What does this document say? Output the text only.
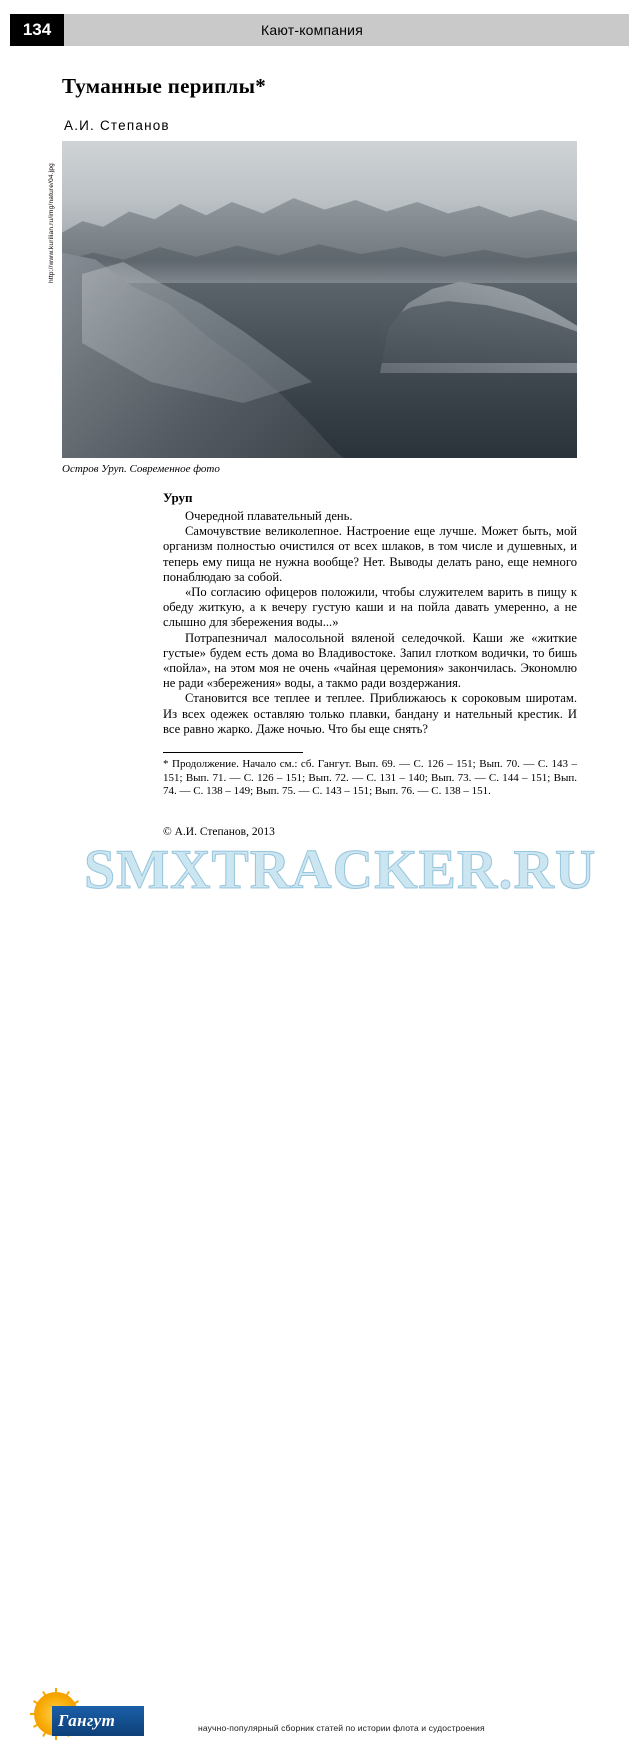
Кают-компания
134
Туманные периплы*
А.И. Степанов
http://www.kurilian.ru/img/nature/04.jpg
Остров Уруп. Современное фото

Уруп

Очередной плавательный день.

Самочувствие великолепное. Настроение еще лучше. Может быть, мой организм полностью очистился от всех шлаков, в том числе и душевных, и теперь ему пища не нужна вообще? Нет. Выводы делать рано, еще немного понаблюдаю за собой.

«По согласию офицеров положили, чтобы служителем варить в пищу к обеду житкую, а к вечеру густую каши и на пойла давать умеренно, а не слышно для збережения воды...»

Потрапезничал малосольной вяленой селедочкой. Каши же «житкие густые» будем есть дома во Владивостоке. Запил глотком водички, то бишь «пойла», на этом моя не очень «чайная церемония» закончилась. Экономлю не ради «збережения» воды, а такмо ради воздержания.

Становится все теплее и теплее. Приближаюсь к сороковым широтам. Из всех одежек оставляю только плавки, бандану и нательный крестик. И все равно жарко. Даже ночью. Что бы еще снять?

* Продолжение. Начало см.: сб. Гангут. Вып. 69. — С. 126 – 151; Вып. 70. — С. 143 – 151; Вып. 71. — С. 126 – 151; Вып. 72. — С. 131 – 140; Вып. 73. — С. 144 – 151; Вып. 74. — С. 138 – 149; Вып. 75. — С. 143 – 151; Вып. 76. — С. 138 – 151.
© А.И. Степанов, 2013
Гангут	научно-популярный сборник статей по истории флота и судостроения
SMXTRACKER.RU
